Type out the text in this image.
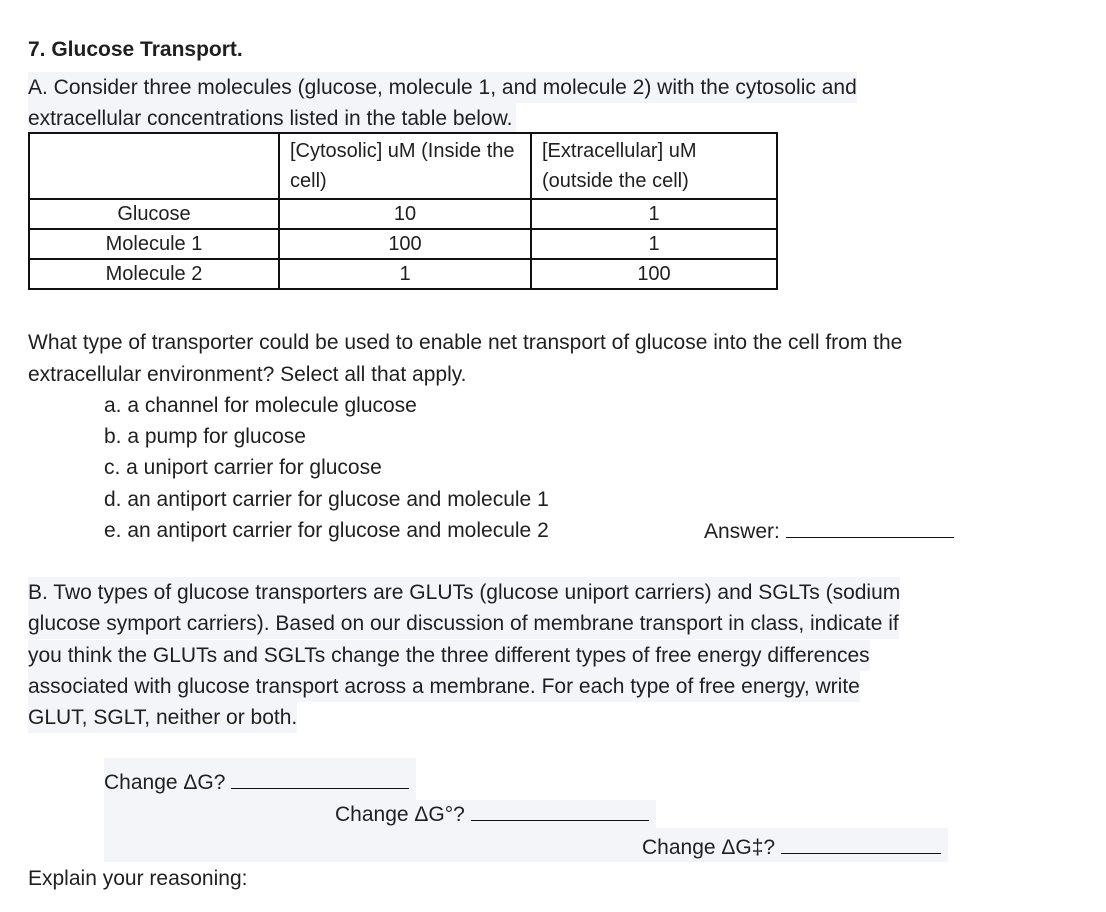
7. Glucose Transport.
A. Consider three molecules (glucose, molecule 1, and molecule 2) with the cytosolic and
extracellular concentrations listed in the table below.
	[Cytosolic] uM (Inside the cell)	[Extracellular] uM (outside the cell)
Glucose	10	1
Molecule 1	100	1
Molecule 2	1	100
What type of transporter could be used to enable net transport of glucose into the cell from the
extracellular environment? Select all that apply.
a. a channel for molecule glucose
b. a pump for glucose
c. a uniport carrier for glucose
d. an antiport carrier for glucose and molecule 1
e. an antiport carrier for glucose and molecule 2	Answer:
B. Two types of glucose transporters are GLUTs (glucose uniport carriers) and SGLTs (sodium
glucose symport carriers). Based on our discussion of membrane transport in class, indicate if
you think the GLUTs and SGLTs change the three different types of free energy differences
associated with glucose transport across a membrane. For each type of free energy, write
GLUT, SGLT, neither or both.
Change ΔG?
Change ΔG°?
Change ΔG‡?
Explain your reasoning:
